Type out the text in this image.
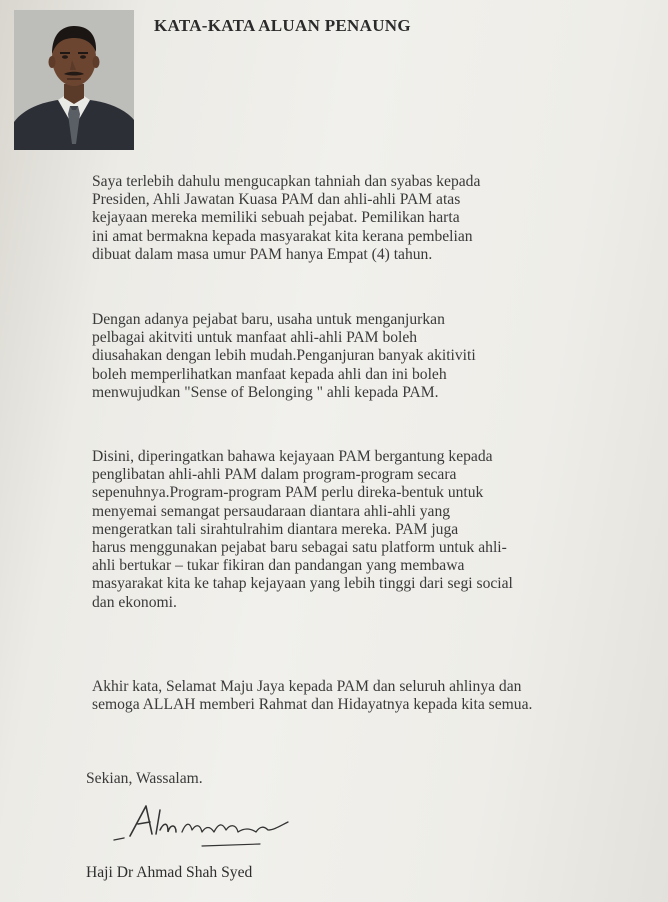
KATA-KATA ALUAN PENAUNG

Saya terlebih dahulu mengucapkan tahniah dan syabas kepada
Presiden, Ahli Jawatan Kuasa PAM dan ahli-ahli PAM atas
kejayaan mereka memiliki sebuah pejabat. Pemilikan harta
ini amat bermakna kepada masyarakat kita kerana pembelian
dibuat dalam masa umur PAM hanya Empat (4) tahun.

Dengan adanya pejabat baru, usaha untuk menganjurkan
pelbagai akitviti untuk manfaat ahli-ahli PAM boleh
diusahakan dengan lebih mudah.Penganjuran banyak akitiviti
boleh memperlihatkan manfaat kepada ahli dan ini boleh
menwujudkan "Sense of Belonging " ahli kepada PAM.

Disini, diperingatkan bahawa kejayaan PAM bergantung kepada
penglibatan ahli-ahli PAM dalam program-program secara
sepenuhnya.Program-program PAM perlu direka-bentuk untuk
menyemai semangat persaudaraan diantara ahli-ahli yang
mengeratkan tali sirahtulrahim diantara mereka. PAM juga
harus menggunakan pejabat baru sebagai satu platform untuk ahli-
ahli bertukar – tukar fikiran dan pandangan yang membawa
masyarakat kita ke tahap kejayaan yang lebih tinggi dari segi social
dan ekonomi.

Akhir kata, Selamat Maju Jaya kepada PAM dan seluruh ahlinya dan
semoga ALLAH memberi Rahmat dan Hidayatnya kepada kita semua.

Sekian, Wassalam.

Haji Dr Ahmad Shah Syed
